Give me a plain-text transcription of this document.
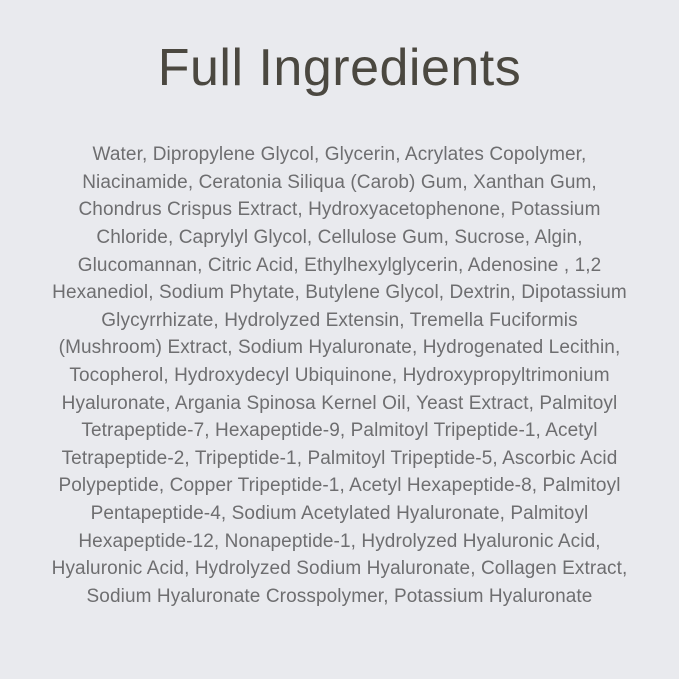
Full Ingredients
Water, Dipropylene Glycol, Glycerin, Acrylates Copolymer,
Niacinamide, Ceratonia Siliqua (Carob) Gum, Xanthan Gum,
Chondrus Crispus Extract, Hydroxyacetophenone, Potassium
Chloride, Caprylyl Glycol, Cellulose Gum, Sucrose, Algin,
Glucomannan, Citric Acid, Ethylhexylglycerin, Adenosine , 1,2
Hexanediol, Sodium Phytate, Butylene Glycol, Dextrin, Dipotassium
Glycyrrhizate, Hydrolyzed Extensin, Tremella Fuciformis
(Mushroom) Extract, Sodium Hyaluronate, Hydrogenated Lecithin,
Tocopherol, Hydroxydecyl Ubiquinone, Hydroxypropyltrimonium
Hyaluronate, Argania Spinosa Kernel Oil, Yeast Extract, Palmitoyl
Tetrapeptide-7, Hexapeptide-9, Palmitoyl Tripeptide-1, Acetyl
Tetrapeptide-2, Tripeptide-1, Palmitoyl Tripeptide-5, Ascorbic Acid
Polypeptide, Copper Tripeptide-1, Acetyl Hexapeptide-8, Palmitoyl
Pentapeptide-4, Sodium Acetylated Hyaluronate, Palmitoyl
Hexapeptide-12, Nonapeptide-1, Hydrolyzed Hyaluronic Acid,
Hyaluronic Acid, Hydrolyzed Sodium Hyaluronate, Collagen Extract,
Sodium Hyaluronate Crosspolymer, Potassium Hyaluronate
